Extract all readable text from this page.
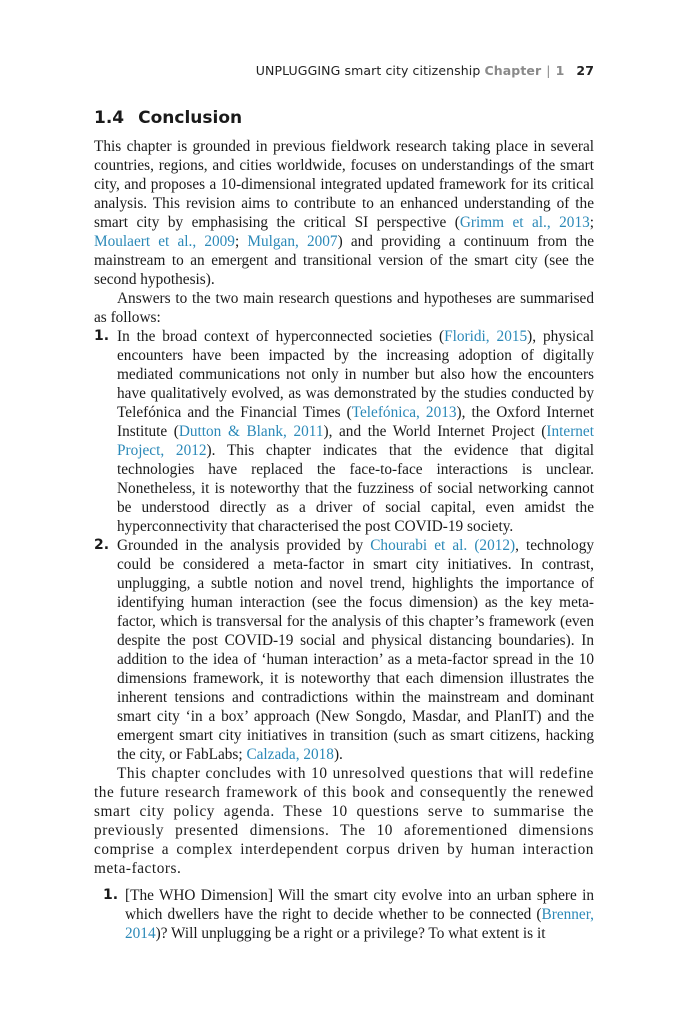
UNPLUGGING smart city citizenship Chapter | 1 27
1.4 Conclusion

This chapter is grounded in previous fieldwork research taking place in several countries, regions, and cities worldwide, focuses on understandings of the smart city, and proposes a 10-dimensional integrated updated framework for its critical analysis. This revision aims to contribute to an enhanced understanding of the smart city by emphasising the critical SI perspective (Grimm et al., 2013; Moulaert et al., 2009; Mulgan, 2007) and providing a continuum from the mainstream to an emergent and transitional version of the smart city (see the second hypothesis).

Answers to the two main research questions and hypotheses are summarised as follows:

1. In the broad context of hyperconnected societies (Floridi, 2015), physical encounters have been impacted by the increasing adoption of digitally mediated communications not only in number but also how the encounters have qualitatively evolved, as was demonstrated by the studies conducted by Telefónica and the Financial Times (Telefónica, 2013), the Oxford Internet Institute (Dutton & Blank, 2011), and the World Internet Project (Internet Project, 2012). This chapter indicates that the evidence that digital technologies have replaced the face-to-face interactions is unclear. Nonetheless, it is noteworthy that the fuzziness of social networking cannot be understood directly as a driver of social capital, even amidst the hyperconnectivity that characterised the post COVID-19 society.
2. Grounded in the analysis provided by Chourabi et al. (2012), technology could be considered a meta-factor in smart city initiatives. In contrast, unplugging, a subtle notion and novel trend, highlights the importance of identifying human interaction (see the focus dimension) as the key meta-factor, which is transversal for the analysis of this chapter’s framework (even despite the post COVID-19 social and physical distancing boundaries). In addition to the idea of ‘human interaction’ as a meta-factor spread in the 10 dimensions framework, it is noteworthy that each dimension illustrates the inherent tensions and contradictions within the mainstream and dominant smart city ‘in a box’ approach (New Songdo, Masdar, and PlanIT) and the emergent smart city initiatives in transition (such as smart citizens, hacking the city, or FabLabs; Calzada, 2018).

This chapter concludes with 10 unresolved questions that will redefine the future research framework of this book and consequently the renewed smart city policy agenda. These 10 questions serve to summarise the previously presented dimensions. The 10 aforementioned dimensions comprise a complex interdependent corpus driven by human interaction meta-factors.

1. [The WHO Dimension] Will the smart city evolve into an urban sphere in which dwellers have the right to decide whether to be connected (Brenner, 2014)? Will unplugging be a right or a privilege? To what extent is it
